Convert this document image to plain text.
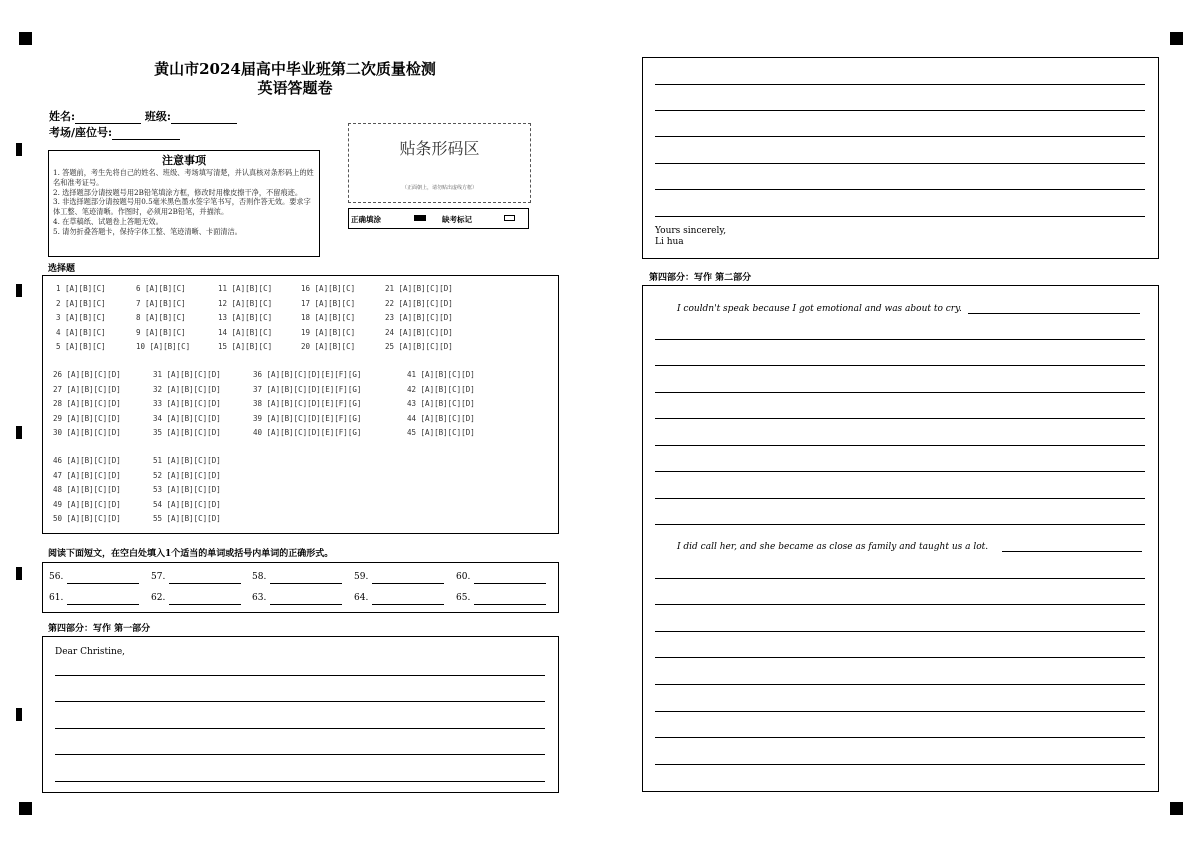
黄山市2024届高中毕业班第二次质量检测
英语答题卷
姓名:	班级:
考场/座位号:
注意事项
1. 答题前，考生先将自己的姓名、班级、考场填写清楚，并认真核对条形码上的姓名和准考证号。
2. 选择题部分请按题号用2B铅笔填涂方框，修改时用橡皮擦干净，不留痕迹。
3. 非选择题部分请按题号用0.5毫米黑色墨水签字笔书写，否则作答无效。要求字体工整、笔迹清晰。作图时，必须用2B铅笔，并描浓。
4. 在草稿纸、试题卷上答题无效。
5. 请勿折叠答题卡，保持字体工整、笔迹清晰、卡面清洁。
贴条形码区
（正面朝上，请勿贴出虚线方框）
正确填涂	缺考标记
选择题
1 [A][B][C]
2 [A][B][C]
3 [A][B][C]
4 [A][B][C]
5 [A][B][C]
6 [A][B][C]
7 [A][B][C]
8 [A][B][C]
9 [A][B][C]
10 [A][B][C]
11 [A][B][C]
12 [A][B][C]
13 [A][B][C]
14 [A][B][C]
15 [A][B][C]
16 [A][B][C]
17 [A][B][C]
18 [A][B][C]
19 [A][B][C]
20 [A][B][C]
21 [A][B][C][D]
22 [A][B][C][D]
23 [A][B][C][D]
24 [A][B][C][D]
25 [A][B][C][D]
26 [A][B][C][D]
27 [A][B][C][D]
28 [A][B][C][D]
29 [A][B][C][D]
30 [A][B][C][D]
31 [A][B][C][D]
32 [A][B][C][D]
33 [A][B][C][D]
34 [A][B][C][D]
35 [A][B][C][D]
36 [A][B][C][D][E][F][G]
37 [A][B][C][D][E][F][G]
38 [A][B][C][D][E][F][G]
39 [A][B][C][D][E][F][G]
40 [A][B][C][D][E][F][G]
41 [A][B][C][D]
42 [A][B][C][D]
43 [A][B][C][D]
44 [A][B][C][D]
45 [A][B][C][D]
46 [A][B][C][D]
47 [A][B][C][D]
48 [A][B][C][D]
49 [A][B][C][D]
50 [A][B][C][D]
51 [A][B][C][D]
52 [A][B][C][D]
53 [A][B][C][D]
54 [A][B][C][D]
55 [A][B][C][D]
阅读下面短文，在空白处填入1个适当的单词或括号内单词的正确形式。
56.	57.	58.	59.	60.
61.	62.	63.	64.	65.
第四部分：写作 第一部分
Dear Christine,
Yours sincerely,
Li hua
第四部分：写作 第二部分
I couldn't speak because I got emotional and was about to cry.
I did call her, and she became as close as family and taught us a lot.
